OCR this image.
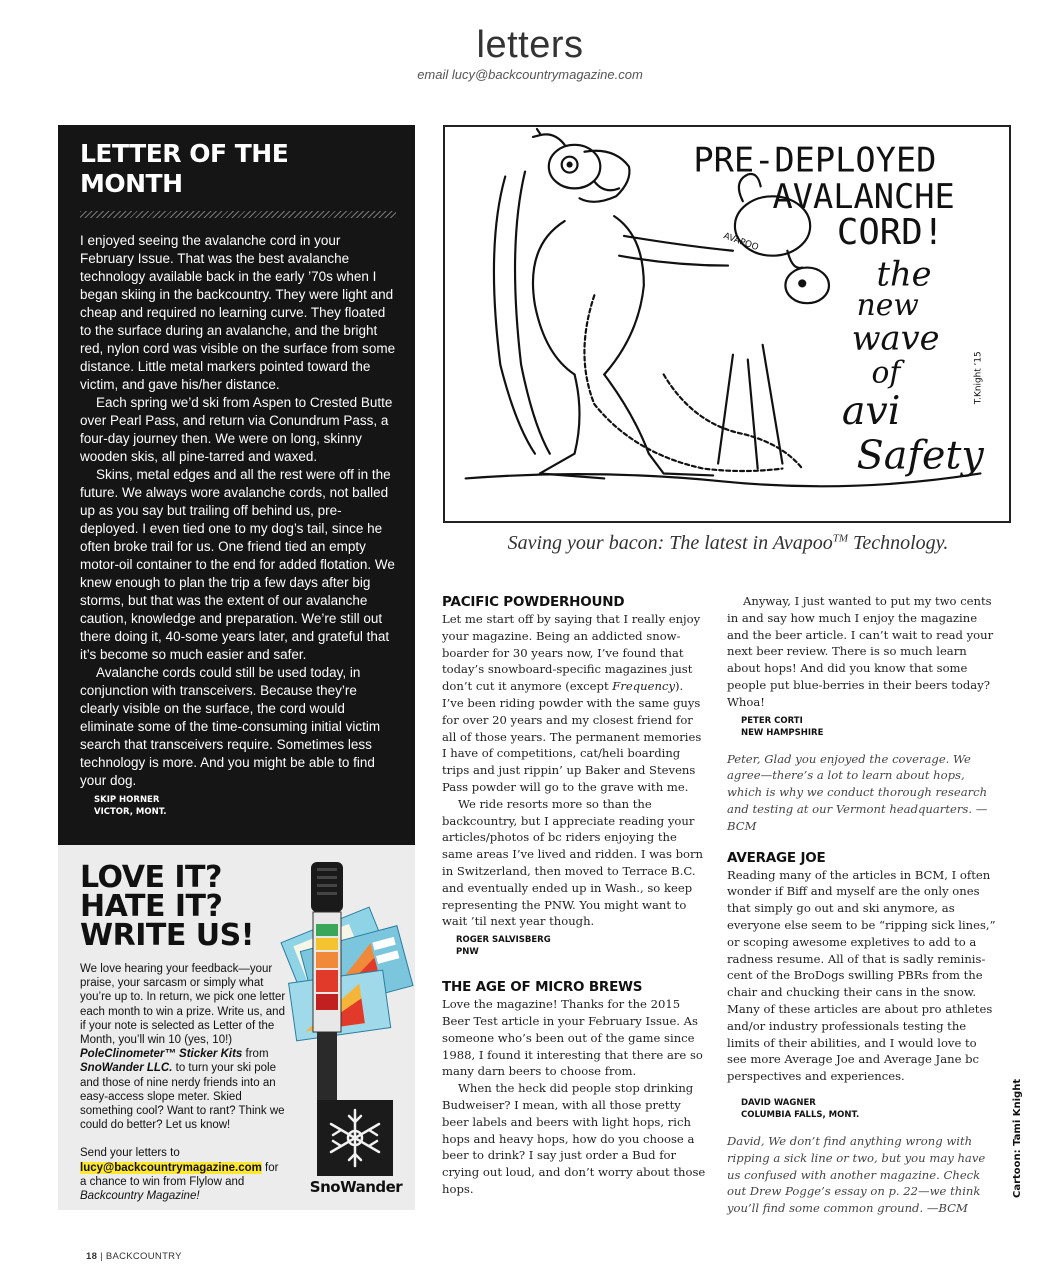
letters
email lucy@backcountrymagazine.com
LETTER OF THE MONTH

I enjoyed seeing the avalanche cord in your February Issue. That was the best avalanche technology available back in the early ’70s when I began skiing in the backcountry. They were light and cheap and required no learning curve. They floated to the surface during an avalanche, and the bright red, nylon cord was visible on the surface from some distance. Little metal markers pointed toward the victim, and gave his/her distance.

Each spring we’d ski from Aspen to Crested Butte over Pearl Pass, and return via Conundrum Pass, a four-day journey then. We were on long, skinny wooden skis, all pine-tarred and waxed.

Skins, metal edges and all the rest were off in the future. We always wore avalanche cords, not balled up as you say but trailing off behind us, pre-deployed. I even tied one to my dog’s tail, since he often broke trail for us. One friend tied an empty motor-oil container to the end for added flotation. We knew enough to plan the trip a few days after big storms, but that was the extent of our avalanche caution, knowledge and preparation. We’re still out there doing it, 40-some years later, and grateful that it’s become so much easier and safer.

Avalanche cords could still be used today, in conjunction with transceivers. Because they’re clearly visible on the surface, the cord would eliminate some of the time-consuming initial victim search that transceivers require. Sometimes less technology is more. And you might be able to find your dog.

SKIP HORNER
VICTOR, MONT.
LOVE IT?
HATE IT?
WRITE US!
We love hearing your feedback—your praise, your sarcasm or simply what you’re up to. In return, we pick one letter each month to win a prize. Write us, and if your note is selected as Letter of the Month, you’ll win 10 (yes, 10!) PoleClinometer™ Sticker Kits from SnoWander LLC. to turn your ski pole and those of nine nerdy friends into an easy-access slope meter. Skied something cool? Want to rant? Think we could do better? Let us know!
Send your letters to
lucy@backcountrymagazine.com for a chance to win from Flylow and Backcountry Magazine!
SnoWander
PRE-DEPLOYED
AVALANCHE
CORD!
the
new
wave
of
avi
Safety
AVAPOO
T.Knight ’15
Saving your bacon: The latest in Avapoo™ Technology.
PACIFIC POWDERHOUND

Let me start off by saying that I really enjoy your magazine. Being an addicted snow-boarder for 30 years now, I’ve found that today’s snowboard-specific magazines just don’t cut it anymore (except Frequency). I’ve been riding powder with the same guys for over 20 years and my closest friend for all of those years. The permanent memories I have of competitions, cat/heli boarding trips and just rippin’ up Baker and Stevens Pass powder will go to the grave with me.

We ride resorts more so than the backcountry, but I appreciate reading your articles/photos of bc riders enjoying the same areas I’ve lived and ridden. I was born in Switzerland, then moved to Terrace B.C. and eventually ended up in Wash., so keep representing the PNW. You might want to wait ’til next year though.

ROGER SALVISBERG
PNW
THE AGE OF MICRO BREWS

Love the magazine! Thanks for the 2015 Beer Test article in your February Issue. As someone who’s been out of the game since 1988, I found it interesting that there are so many darn beers to choose from.

When the heck did people stop drinking Budweiser? I mean, with all those pretty beer labels and beers with light hops, rich hops and heavy hops, how do you choose a beer to drink? I say just order a Bud for crying out loud, and don’t worry about those hops.

Anyway, I just wanted to put my two cents in and say how much I enjoy the magazine and the beer article. I can’t wait to read your next beer review. There is so much learn about hops! And did you know that some people put blue-berries in their beers today? Whoa!

PETER CORTI
NEW HAMPSHIRE

Peter, Glad you enjoyed the coverage. We agree—there’s a lot to learn about hops, which is why we conduct thorough research and testing at our Vermont headquarters. —BCM

AVERAGE JOE

Reading many of the articles in BCM, I often wonder if Biff and myself are the only ones that simply go out and ski anymore, as everyone else seem to be “ripping sick lines,” or scoping awesome expletives to add to a radness resume. All of that is sadly reminis-cent of the BroDogs swilling PBRs from the chair and chucking their cans in the snow. Many of these articles are about pro athletes and/or industry professionals testing the limits of their abilities, and I would love to see more Average Joe and Average Jane bc perspectives and experiences.

DAVID WAGNER
COLUMBIA FALLS, MONT.

David, We don’t find anything wrong with ripping a sick line or two, but you may have us confused with another magazine. Check out Drew Pogge’s essay on p. 22—we think you’ll find some common ground. —BCM

Cartoon: Tami Knight
18 | BACKCOUNTRY
